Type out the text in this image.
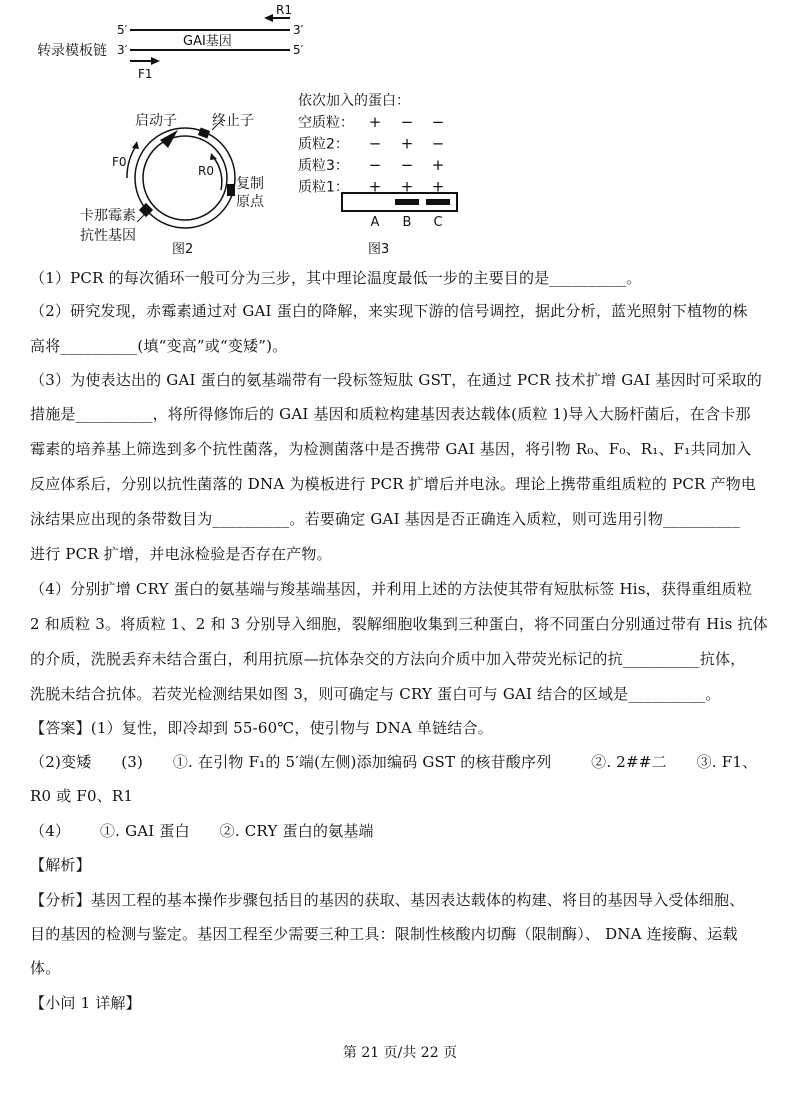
R1
F1
5′	3′
3′	5′
GAI基因
转录模板链
启动子	终止子
F0
R0
复制
原点
卡那霉素
抗性基因
图2
依次加入的蛋白：
图3
空质粒： + − −
质粒2： − + −
质粒3： − − +
质粒1： + + +
A B C
（1）PCR 的每次循环一般可分为三步，其中理论温度最低一步的主要目的是__________。
（2）研究发现，赤霉素通过对 GAI 蛋白的降解，来实现下游的信号调控，据此分析，蓝光照射下植物的株
高将__________(填“变高”或“变矮”)。
（3）为使表达出的 GAI 蛋白的氨基端带有一段标签短肽 GST，在通过 PCR 技术扩增 GAI 基因时可采取的
措施是__________，将所得修饰后的 GAI 基因和质粒构建基因表达载体(质粒 1)导入大肠杆菌后，在含卡那
霉素的培养基上筛选到多个抗性菌落，为检测菌落中是否携带 GAI 基因，将引物 R₀、F₀、R₁、F₁共同加入
反应体系后，分别以抗性菌落的 DNA 为模板进行 PCR 扩增后并电泳。理论上携带重组质粒的 PCR 产物电
泳结果应出现的条带数目为__________。若要确定 GAI 基因是否正确连入质粒，则可选用引物__________
进行 PCR 扩增，并电泳检验是否存在产物。
（4）分别扩增 CRY 蛋白的氨基端与羧基端基因，并利用上述的方法使其带有短肽标签 His，获得重组质粒
2 和质粒 3。将质粒 1、2 和 3 分别导入细胞，裂解细胞收集到三种蛋白，将不同蛋白分别通过带有 His 抗体
的介质，洗脱丢弃未结合蛋白，利用抗原—抗体杂交的方法向介质中加入带荧光标记的抗__________抗体，
洗脱未结合抗体。若荧光检测结果如图 3，则可确定与 CRY 蛋白可与 GAI 结合的区域是__________。
【答案】(1）复性，即冷却到 55-60℃，使引物与 DNA 单链结合。
（2)变矮      (3)      ①. 在引物 F₁的 5′端(左侧)添加编码 GST 的核苷酸序列        ②. 2##二      ③. F1、
R0 或 F0、R1
（4）      ①. GAI 蛋白      ②. CRY 蛋白的氨基端
【解析】
【分析】基因工程的基本操作步骤包括目的基因的获取、基因表达载体的构建、将目的基因导入受体细胞、
目的基因的检测与鉴定。基因工程至少需要三种工具：限制性核酸内切酶（限制酶）、 DNA 连接酶、运载
体。
【小问 1 详解】
第 21 页/共 22 页
